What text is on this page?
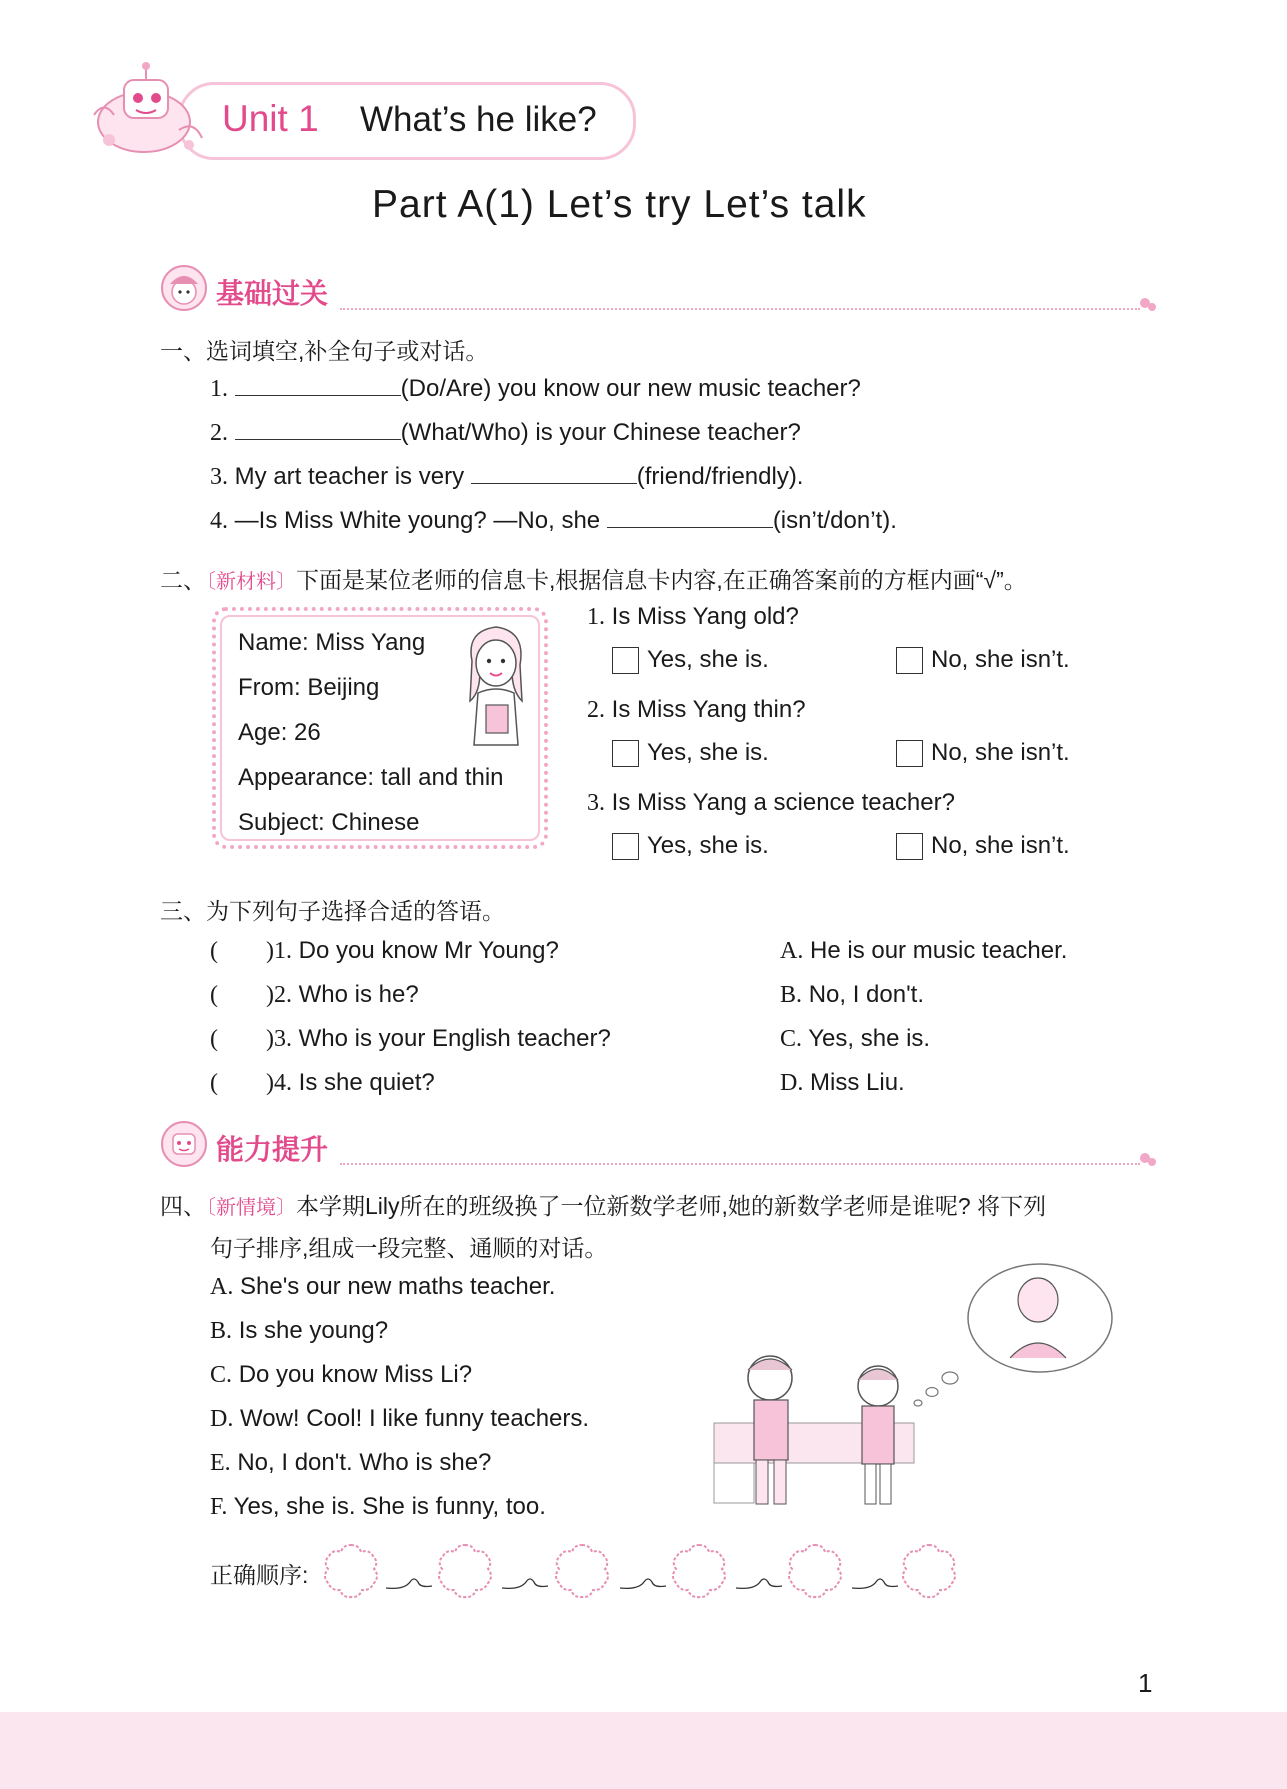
Unit 1 What’s he like?
Part A(1) Let’s try Let’s talk
基础过关
一、选词填空,补全句子或对话。
1.	(Do/Are) you know our new music teacher?
2.	(What/Who) is your Chinese teacher?
3. My art teacher is very	(friend/friendly).
4. —Is Miss White young? —No, she	(isn’t/don’t).
二、〔新材料〕下面是某位老师的信息卡,根据信息卡内容,在正确答案前的方框内画“√”。
Name: Miss Yang
From: Beijing
Age: 26
Appearance: tall and thin
Subject: Chinese
1. Is Miss Yang old?
Yes, she is.	No, she isn’t.
2. Is Miss Yang thin?
Yes, she is.	No, she isn’t.
3. Is Miss Yang a science teacher?
Yes, she is.	No, she isn’t.
三、为下列句子选择合适的答语。
(        )1. Do you know Mr Young?	A. He is our music teacher.
(        )2. Who is he?	B. No, I don't.
(        )3. Who is your English teacher?	C. Yes, she is.
(        )4. Is she quiet?	D. Miss Liu.
能力提升
四、〔新情境〕本学期Lily所在的班级换了一位新数学老师,她的新数学老师是谁呢? 将下列
句子排序,组成一段完整、通顺的对话。
A. She's our new maths teacher.
B. Is she young?
C. Do you know Miss Li?
D. Wow! Cool! I like funny teachers.
E. No, I don't. Who is she?
F. Yes, she is. She is funny, too.
正确顺序:
1
